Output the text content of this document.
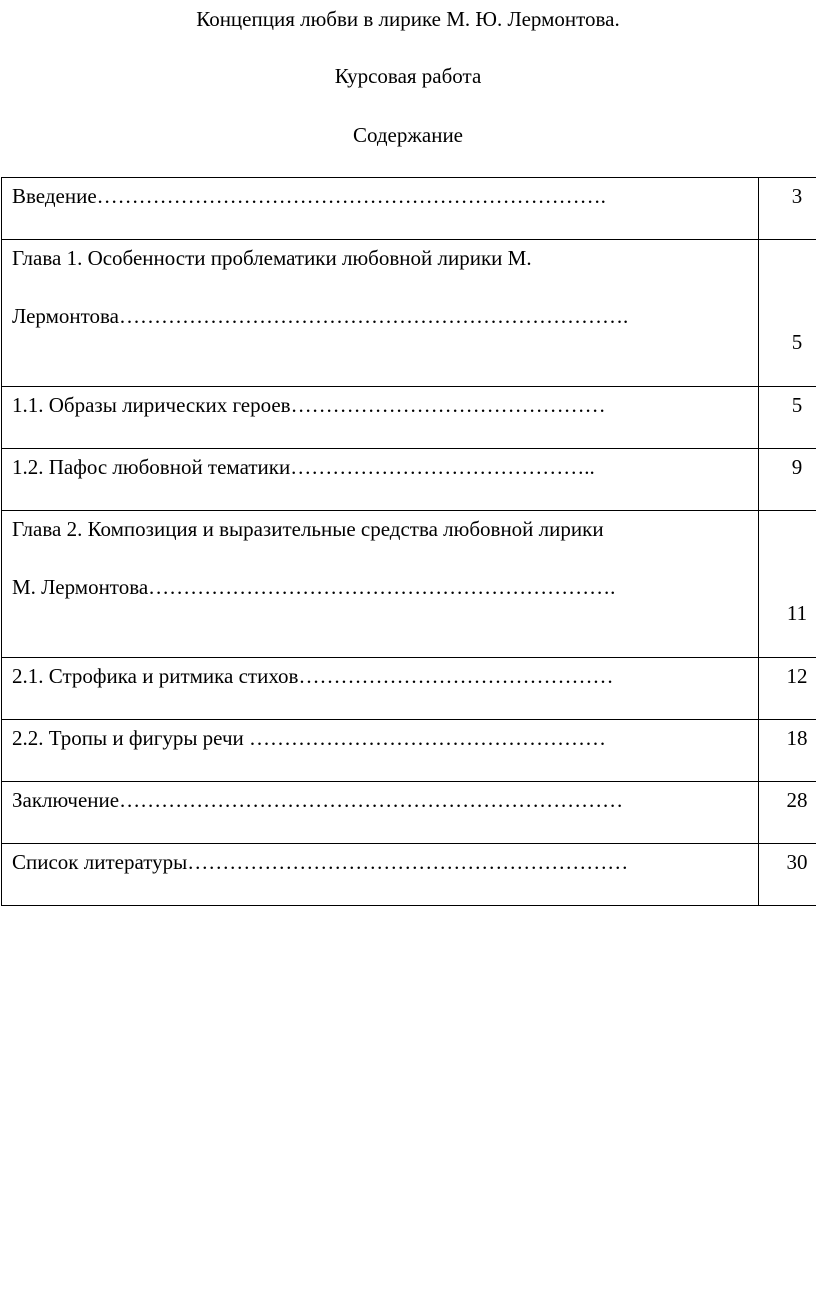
Концепция любви в лирике М. Ю. Лермонтова.
Курсовая работа
Содержание
Введение……………………………………………………………….	3

Глава 1. Особенности проблематики любовной лирики М.
Лермонтова……………………………………………………………….	5

1.1. Образы лирических героев………………………………………	5

1.2. Пафос любовной тематики……………………………………..	9

Глава 2. Композиция и выразительные средства любовной лирики
М. Лермонтова………………………………………………………….	11

2.1. Строфика и ритмика стихов………………………………………	12

2.2. Тропы и фигуры речи ……………………………………………	18

Заключение………………………………………………………………	28

Список литературы………………………………………………………	30
